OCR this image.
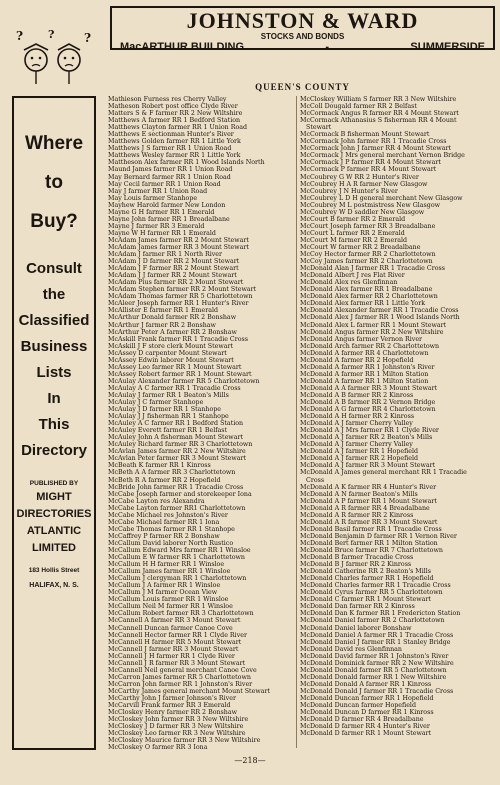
JOHNSTON & WARD
STOCKS AND BONDS
MacARTHUR BUILDING	-	SUMMERSIDE
? ? ?
QUEEN'S COUNTY
Where
to
Buy?
Consult
the
Classified
Business
Lists
In
This
Directory
PUBLISHED BY
MIGHT
DIRECTORIES
ATLANTIC
LIMITED
183 Hollis Street
HALIFAX, N. S.
Mathieson Furness res Cherry Valley
Matheson Robert post office Clyde River
Matters S & F farmer RR 2 New Wiltshire
Matthews A farmer RR 1 Bedford Station
Matthews Clayton farmer RR 1 Union Road
Matthews E sectionman Hunter's River
Matthews Golden farmer RR 1 Little York
Matthews J S farmer RR 1 Union Road
Matthews Wesley farmer RR 1 Little York
Mattheson Alex farmer RR 1 Wood Islands North
Maund James farmer RR 1 Union Road
May Bernard farmer RR 1 Union Road
May Cecil farmer RR 1 Union Road
May J farmer RR 1 Union Road
May Louis farmer Stanhope
Mayhew Harold farmer New London
Mayne G H farmer RR 1 Emerald
Mayne John farmer RR 1 Breadalbane
Mayne J farmer RR 3 Emerald
Mayne W H farmer RR 1 Emerald
McAdam James farmer RR 2 Mount Stewart
McAdam James farmer RR 3 Mount Stewart
McAdam J farmer RR 1 North River
McAdam J D farmer RR 2 Mount Stewart
McAdam J F farmer RR 2 Mount Stewart
McAdam J J farmer RR 2 Mount Stewart
McAdam Pius farmer RR 2 Mount Stewart
McAdam Stephen farmer RR 2 Mount Stewart
McAdam Thomas farmer RR 5 Charlottetown
McAleer Joseph farmer RR 1 Hunter's River
McAllister E farmer RR 1 Emerald
McArthur Donald farmer RR 2 Bonshaw
McArthur J farmer RR 2 Bonshaw
McArthur Peter A farmer RR 2 Bonshaw
McAskill Frank farmer RR 1 Tracadie Cross
McAskill J F store clerk Mount Stewart
McAssey D carpenter Mount Stewart
McAssey Edwin laborer Mount Stewart
McAssey Leo farmer RR 1 Mount Stewart
McAssey Robert farmer RR 1 Mount Stewart
McAulay Alexander farmer RR 5 Charlottetown
McAulay A C farmer RR 1 Tracadie Cross
McAulay J farmer RR 1 Beaton's Mills
McAulay J C farmer Stanhope
McAulay J D farmer RR 1 Stanhope
McAulay J J fisherman RR 1 Stanhope
McAuley A C farmer RR 1 Bedford Station
McAuley Everett farmer RR 1 Belfast
McAuley John A fisherman Mount Stewart
McAuley Richard farmer RR 3 Charlottetown
McAvlan James farmer RR 2 New Wiltshire
McAvlan Peter farmer RR 3 Mount Stewart
McBeath K farmer RR 1 Kinross
McBeth A A farmer RR 3 Charlottetown
McBeth R A farmer RR 2 Hopefield
McBride John farmer RR 1 Tracadie Cross
McCabe Joseph farmer and storekeeper Iona
McCabe Layton res Alexandra
McCabe Layton farmer RR1 Charlottetown
McCabe Michael res Johnston's River
McCabe Michael farmer RR 1 Iona
McCabe Thomas farmer RR 1 Stanhope
McCaffrey P farmer RR 2 Bonshaw
McCallum David laborer North Rustico
McCallum Edward Mrs farmer RR 1 Winsloe
McCallum E W farmer RR 1 Charlottetown
McCallum H H farmer RR 1 Winsloe
McCallum James farmer RR 1 Winsloe
McCallum J clergyman RR 1 Charlottetown
McCallum J A farmer RR 1 Winsloe
McCallum J M farmer Ocean View
McCallum Louis farmer RR 1 Winsloe
McCallum Neil M farmer RR 1 Winsloe
McCallum Robert farmer RR 3 Charlottetown
McCannell A farmer RR 3 Mount Stewart
McCannell Duncan farmer Canoe Cove
McCannell Hector farmer RR 1 Clyde River
McCannell H farmer RR 5 Mount Stewart
McCannell J farmer RR 3 Mount Stewart
McCannell J H farmer RR 1 Clyde River
McCannell J R farmer RR 3 Mount Stewart
McCannell Neil general merchant Canoe Cove
McCarron James farmer RR 5 Charlottetown
McCarron John farmer RR 1 Johnston's River
McCarthy James general merchant Mount Stewart
McCarthy John J farmer Johnson's River
McCarvill Frank farmer RR 3 Emerald
McCloskey Henry farmer RR 2 Bonshaw
McCloskey John farmer RR 3 New Wiltshire
McCloskey J D farmer RR 3 New Wiltshire
McCloskey Leo farmer RR 3 New Wiltshire
McCloskey Maurice farmer RR 3 New Wiltshire
McCloskey O farmer RR 3 Iona
McCloskey William S farmer RR 3 New Wiltshire
McColl Dougald farmer RR 2 Belfast
McCormack Angus R farmer RR 4 Mount Stewart
McCormack Athanasius S fisherman RR 4 Mount
Stewart
McCormack B fisherman Mount Stewart
McCormack John farmer RR 1 Tracadie Cross
McCormack John J farmer RR 4 Mount Stewart
McCormack J Mrs general merchant Vernon Bridge
McCormack J P farmer RR 4 Mount Stewart
McCormack P farmer RR 4 Mount Stewart
McCoubrey G W RR 2 Hunter's River
McCoubrey H A R farmer New Glasgow
McCoubrey J N Hunter's River
McCoubrey L D H general merchant New Glasgow
McCoubrey M L postmistress New Glasgow
McCoubrey W D saddler New Glasgow
McCourt B farmer RR 2 Emerald
McCourt Joseph farmer RR 3 Breadalbane
McCourt L farmer RR 2 Emerald
McCourt M farmer RR 2 Emerald
McCourt W farmer RR 2 Breadalbane
McCoy Hector farmer RR 2 Charlottetown
McCoy James farmer RR 2 Charlottetown
McDonald Alan J farmer RR 1 Tracadie Cross
McDonald Albert J res Flat River
McDonald Alex res Glenfinnan
McDonald Alex farmer RR 1 Breadalbane
McDonald Alex farmer RR 2 Charlottetown
McDonald Alex farmer RR 1 Little York
McDonald Alexander farmer RR 1 Tracadie Cross
McDonald Alex J farmer RR 1 Wood Islands North
McDonald Alex L farmer RR 1 Mount Stewart
McDonald Angus farmer RR 2 New Wiltshire
McDonald Angus farmer Vernon River
McDonald Arch farmer RR 2 Charlottetown
McDonald A farmer RR 4 Charlottetown
McDonald A farmer RR 2 Hopefield
McDonald A farmer RR 1 Johnston's River
McDonald A farmer RR 1 Milton Station
McDonald A farmer RR 1 Milton Station
McDonald A A farmer RR 3 Mount Stewart
McDonald A B farmer RR 2 Kinross
McDonald A B farmer RR 2 Vernon Bridge
McDonald A G farmer RR 4 Charlottetown
McDonald A H farmer RR 2 Kinross
McDonald A J farmer Cherry Valley
McDonald A J Mrs farmer RR 1 Clyde River
McDonald A J farmer RR 2 Beaton's Mills
McDonald A J farmer Cherry Valley
McDonald A J farmer RR 1 Hopefield
McDonald A J farmer RR 2 Hopefield
McDonald A J farmer RR 3 Mount Stewart
McDonald A James general merchant RR 1 Tracadie
Cross
McDonald A K farmer RR 4 Hunter's River
McDonald A N farmer Beaton's Mills
McDonald A P farmer RR 1 Mount Stewart
McDonald A R farmer RR 4 Breadalbane
McDonald A R farmer RR 2 Kinross
McDonald A R farmer RR 3 Mount Stewart
McDonald Basil farmer RR 1 Tracadie Cross
McDonald Benjamin D farmer RR 1 Vernon River
McDonald Bert farmer RR 1 Milton Station
McDonald Bruce farmer RR 7 Charlottetown
McDonald B farmer Tracadie Cross
McDonald B J farmer RR 2 Kinross
McDonald Catherine RR 2 Beaton's Mills
McDonald Charles farmer RR 1 Hopefield
McDonald Charles farmer RR 1 Tracadie Cross
McDonald Cyrus farmer RR 5 Charlottetown
McDonald C farmer RR 1 Mount Stewart
McDonald Dan farmer RR 2 Kinross
McDonald Dan K farmer RR 1 Fredericton Station
McDonald Daniel farmer RR 2 Charlottetown
McDonald Daniel laborer Bonshaw
McDonald Daniel A farmer RR 1 Tracadie Cross
McDonald Daniel J farmer RR 1 Stanley Bridge
McDonald David res Glenfinnan
McDonald David farmer RR 1 Johnston's River
McDonald Dominick farmer RR 2 New Wiltshire
McDonald Donald farmer RR 5 Charlottetown
McDonald Donald farmer RR 1 New Wiltshire
McDonald Donald A farmer RR 1 Kinross
McDonald Donald J farmer RR 1 Tracadie Cross
McDonald Duncan farmer RR 1 Hopefield
McDonald Duncan farmer Hopefield
McDonald Duncan D farmer RR 1 Kinross
McDonald D farmer RR 4 Breadalbane
McDonald D farmer RR 4 Hunter's River
McDonald D farmer RR 1 Mount Stewart
—218—
